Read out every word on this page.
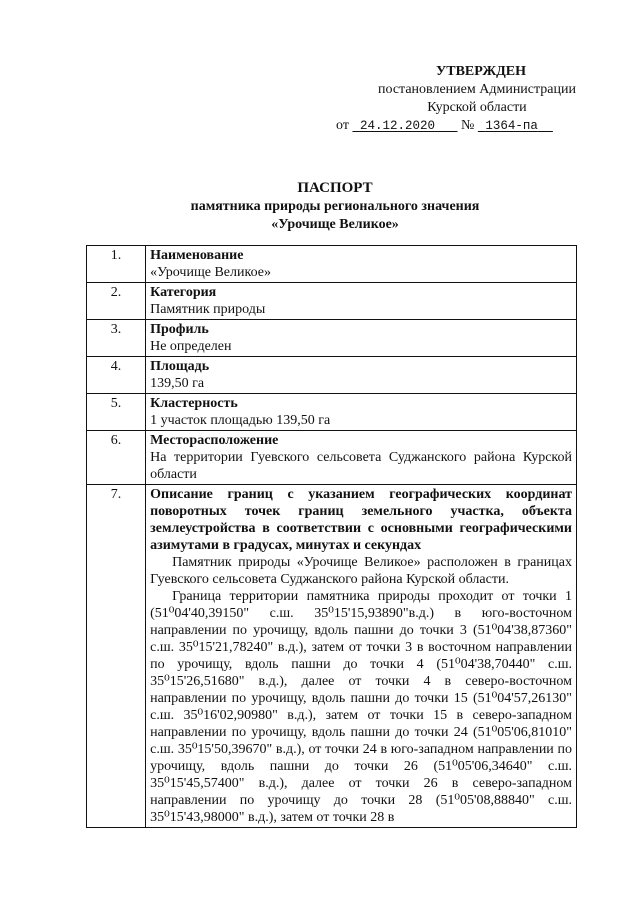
УТВЕРЖДЕН
постановлением Администрации
Курской области
от 24.12.2020 № 1364-па
ПАСПОРТ
памятника природы регионального значения
«Урочище Великое»
1.	Наименование
«Урочище Великое»

2.	Категория
Памятник природы

3.	Профиль
Не определен

4.	Площадь
139,50 га

5.	Кластерность
1 участок площадью 139,50 га

6.	Месторасположение
На территории Гуевского сельсовета Суджанского района Курской области

7.	Описание границ с указанием географических координат поворотных точек границ земельного участка, объекта землеустройства в соответствии с основными географическими азимутами в градусах, минутах и секундах

Памятник природы «Урочище Великое» расположен в границах Гуевского сельсовета Суджанского района Курской области.

Граница территории памятника природы проходит от точки 1 (51⁰04'40,39150" с.ш. 35⁰15'15,93890"в.д.) в юго-восточном направлении по урочищу, вдоль пашни до точки 3 (51⁰04'38,87360" с.ш. 35⁰15'21,78240" в.д.), затем от точки 3 в восточном направлении по урочищу, вдоль пашни до точки 4 (51⁰04'38,70440" с.ш. 35⁰15'26,51680" в.д.), далее от точки 4 в северо-восточном направлении по урочищу, вдоль пашни до точки 15 (51⁰04'57,26130" с.ш. 35⁰16'02,90980" в.д.), затем от точки 15 в северо-западном направлении по урочищу, вдоль пашни до точки 24 (51⁰05'06,81010" с.ш. 35⁰15'50,39670" в.д.), от точки 24 в юго-западном направлении по урочищу, вдоль пашни до точки 26 (51⁰05'06,34640" с.ш. 35⁰15'45,57400" в.д.), далее от точки 26 в северо-западном направлении по урочищу до точки 28 (51⁰05'08,88840" с.ш. 35⁰15'43,98000" в.д.), затем от точки 28 в
